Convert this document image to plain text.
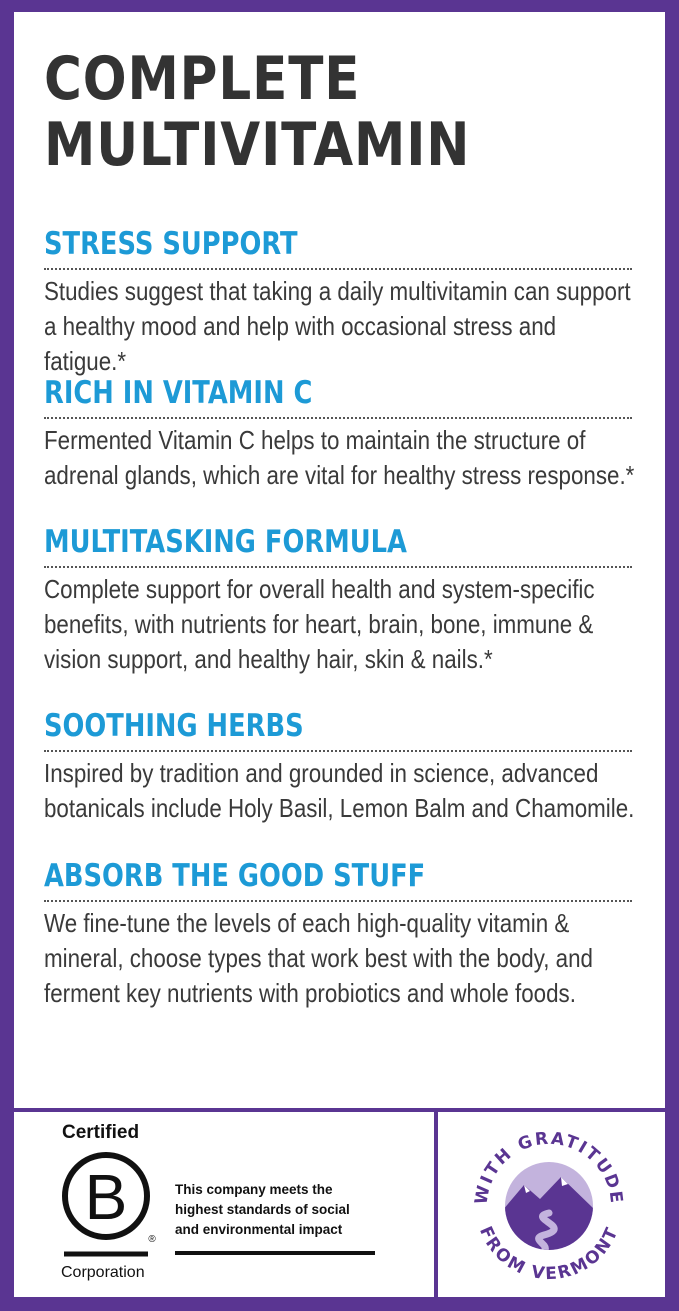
COMPLETE
MULTIVITAMIN
STRESS SUPPORT

Studies suggest that taking a daily multivitamin can support a healthy mood and help with occasional stress and fatigue.*

RICH IN VITAMIN C

Fermented Vitamin C helps to maintain the structure of adrenal glands, which are vital for healthy stress response.*

MULTITASKING FORMULA

Complete support for overall health and system-specific benefits, with nutrients for heart, brain, bone, immune & vision support, and healthy hair, skin & nails.*

SOOTHING HERBS

Inspired by tradition and grounded in science, advanced botanicals include Holy Basil, Lemon Balm and Chamomile.

ABSORB THE GOOD STUFF

We fine-tune the levels of each high-quality vitamin & mineral, choose types that work best with the body, and ferment key nutrients with probiotics and whole foods.

Certified
B
®
Corporation
This company meets the
highest standards of social
and environmental impact
WITH GRATITUDE
FROM VERMONT
